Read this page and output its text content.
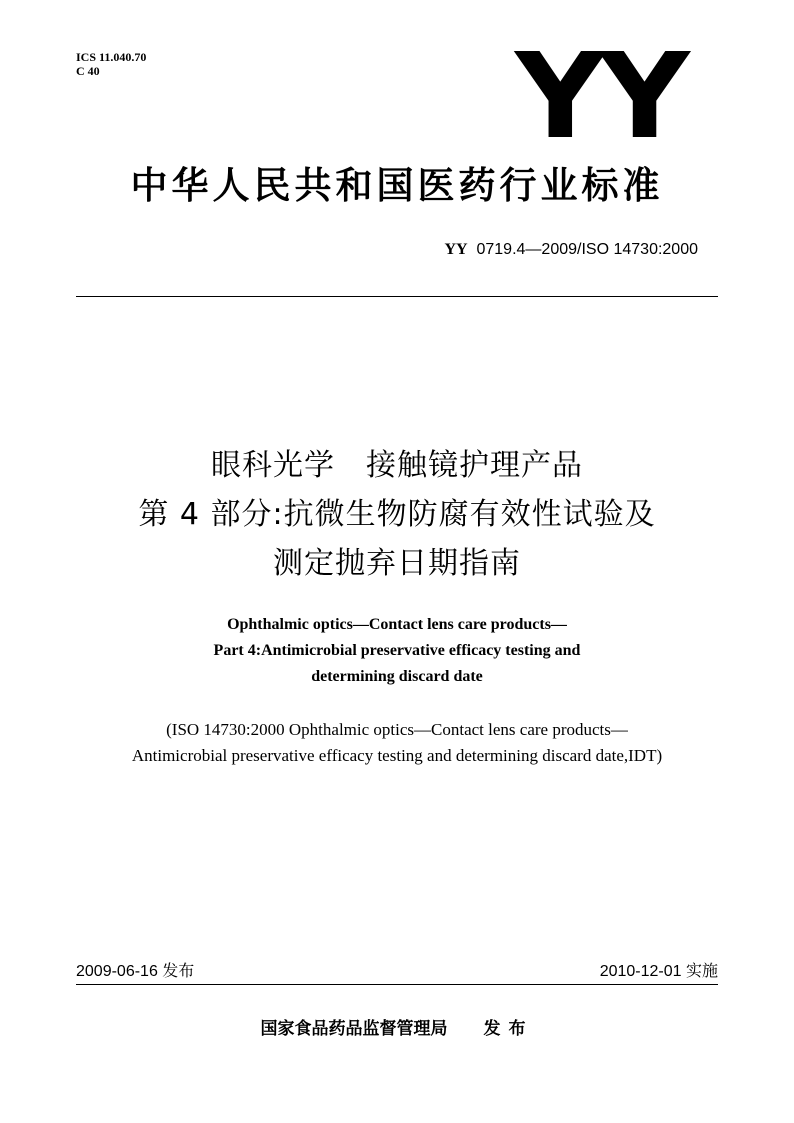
ICS 11.040.70
C 40	YY
中华人民共和国医药行业标准
YY 0719.4—2009/ISO 14730:2000
眼科光学　接触镜护理产品
第 4 部分:抗微生物防腐有效性试验及
测定抛弃日期指南
Ophthalmic optics—Contact lens care products—
Part 4:Antimicrobial preservative efficacy testing and
determining discard date
(ISO 14730:2000 Ophthalmic optics—Contact lens care products—
Antimicrobial preservative efficacy testing and determining discard date,IDT)
2009-06-16 发布	2010-12-01 实施
国家食品药品监督管理局 发布
